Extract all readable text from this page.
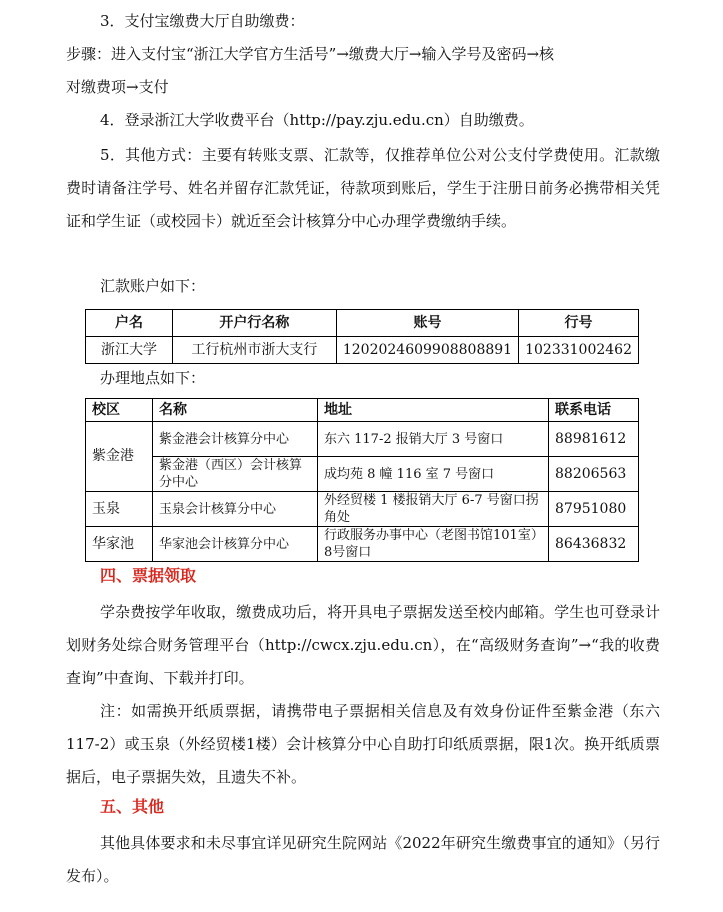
3．支付宝缴费大厅自助缴费：
步骤：进入支付宝“浙江大学官方生活号”→缴费大厅→输入学号及密码→核
对缴费项→支付
4．登录浙江大学收费平台（http://pay.zju.edu.cn）自助缴费。
5．其他方式：主要有转账支票、汇款等，仅推荐单位公对公支付学费使用。汇款缴费时请备注学号、姓名并留存汇款凭证，待款项到账后，学生于注册日前务必携带相关凭证和学生证（或校园卡）就近至会计核算分中心办理学费缴纳手续。
汇款账户如下：
户名	开户行名称	账号	行号
浙江大学	工行杭州市浙大支行	1202024609908808891	102331002462
办理地点如下：
校区	名称	地址	联系电话
紫金港	紫金港会计核算分中心	东六 117-2 报销大厅 3 号窗口	88981612
	紫金港（西区）会计核算分中心	成均苑 8 幢 116 室 7 号窗口	88206563
玉泉	玉泉会计核算分中心	外经贸楼 1 楼报销大厅 6-7 号窗口拐角处	87951080
华家池	华家池会计核算分中心	行政服务办事中心（老图书馆101室）8号窗口	86436832
四、票据领取
学杂费按学年收取，缴费成功后，将开具电子票据发送至校内邮箱。学生也可登录计划财务处综合财务管理平台（http://cwcx.zju.edu.cn），在“高级财务查询”→“我的收费查询”中查询、下载并打印。
注：如需换开纸质票据，请携带电子票据相关信息及有效身份证件至紫金港（东六117-2）或玉泉（外经贸楼1楼）会计核算分中心自助打印纸质票据，限1次。换开纸质票据后，电子票据失效，且遗失不补。
五、其他
其他具体要求和未尽事宜详见研究生院网站《2022年研究生缴费事宜的通知》（另行发布）。
